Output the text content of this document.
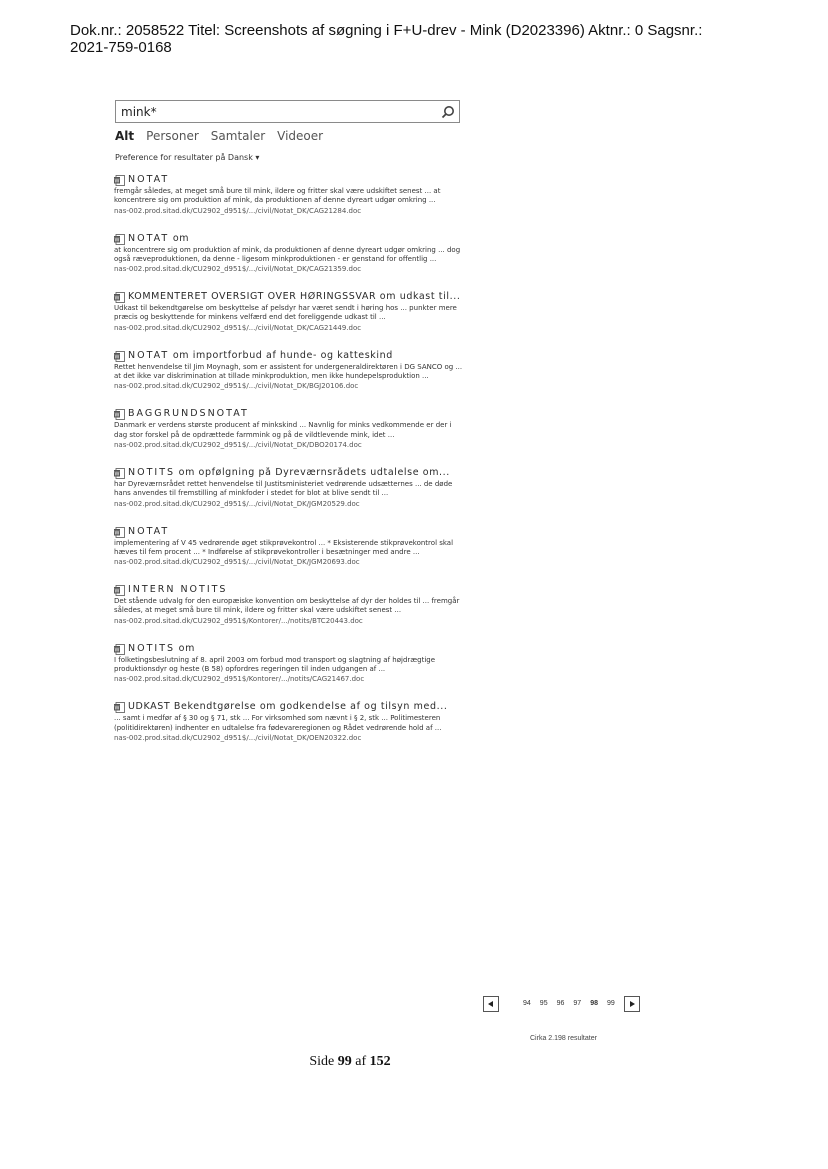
Dok.nr.: 2058522 Titel: Screenshots af søgning i F+U-drev - Mink (D2023396) Aktnr.: 0 Sagsnr.:
2021-759-0168
mink*
Alt Personer Samtaler Videoer
Preference for resultater på Dansk ▾
W NOTAT
fremgår således, at meget små bure til mink, ildere og fritter skal være udskiftet senest ... at koncentrere sig om produktion af mink, da produktionen af denne dyreart udgør omkring ...
nas-002.prod.sitad.dk/CU2902_d951$/.../civil/Notat_DK/CAG21284.doc
W NOTAT om
at koncentrere sig om produktion af mink, da produktionen af denne dyreart udgør omkring ... dog også ræveproduktionen, da denne - ligesom minkproduktionen - er genstand for offentlig ...
nas-002.prod.sitad.dk/CU2902_d951$/.../civil/Notat_DK/CAG21359.doc
W KOMMENTERET OVERSIGT OVER HØRINGSSVAR om udkast til...
Udkast til bekendtgørelse om beskyttelse af pelsdyr har været sendt i høring hos ... punkter mere præcis og beskyttende for minkens velfærd end det foreliggende udkast til ...
nas-002.prod.sitad.dk/CU2902_d951$/.../civil/Notat_DK/CAG21449.doc
W NOTAT om importforbud af hunde- og katteskind
Rettet henvendelse til Jim Moynagh, som er assistent for undergeneraldirektøren i DG SANCO og ... at det ikke var diskrimination at tillade minkproduktion, men ikke hundepelsproduktion ...
nas-002.prod.sitad.dk/CU2902_d951$/.../civil/Notat_DK/BGJ20106.doc
W BAGGRUNDSNOTAT
Danmark er verdens største producent af minkskind ... Navnlig for minks vedkommende er der i dag stor forskel på de opdrættede farmmink og på de vildtlevende mink, idet ...
nas-002.prod.sitad.dk/CU2902_d951$/.../civil/Notat_DK/DBO20174.doc
W NOTITS om opfølgning på Dyreværnsrådets udtalelse om...
har Dyreværnsrådet rettet henvendelse til Justitsministeriet vedrørende udsætternes ... de døde hans anvendes til fremstilling af minkfoder i stedet for blot at blive sendt til ...
nas-002.prod.sitad.dk/CU2902_d951$/.../civil/Notat_DK/JGM20529.doc
W NOTAT
implementering af V 45 vedrørende øget stikprøvekontrol ... * Eksisterende stikprøvekontrol skal hæves til fem procent ... * Indførelse af stikprøvekontroller i besætninger med andre ...
nas-002.prod.sitad.dk/CU2902_d951$/.../civil/Notat_DK/JGM20693.doc
W INTERN NOTITS
Det stående udvalg for den europæiske konvention om beskyttelse af dyr der holdes til ... fremgår således, at meget små bure til mink, ildere og fritter skal være udskiftet senest ...
nas-002.prod.sitad.dk/CU2902_d951$/Kontorer/.../notits/BTC20443.doc
W NOTITS om
I folketingsbeslutning af 8. april 2003 om forbud mod transport og slagtning af højdrægtige produktionsdyr og heste (B 58) opfordres regeringen til inden udgangen af ...
nas-002.prod.sitad.dk/CU2902_d951$/Kontorer/.../notits/CAG21467.doc
W UDKAST Bekendtgørelse om godkendelse af og tilsyn med...
... samt i medfør af § 30 og § 71, stk ... For virksomhed som nævnt i § 2, stk ... Politimesteren (politidirektøren) indhenter en udtalelse fra fødevareregionen og Rådet vedrørende hold af ...
nas-002.prod.sitad.dk/CU2902_d951$/.../civil/Notat_DK/OEN20322.doc
94 95 96 97 98 99
Cirka 2.198 resultater
Side 99 af 152
